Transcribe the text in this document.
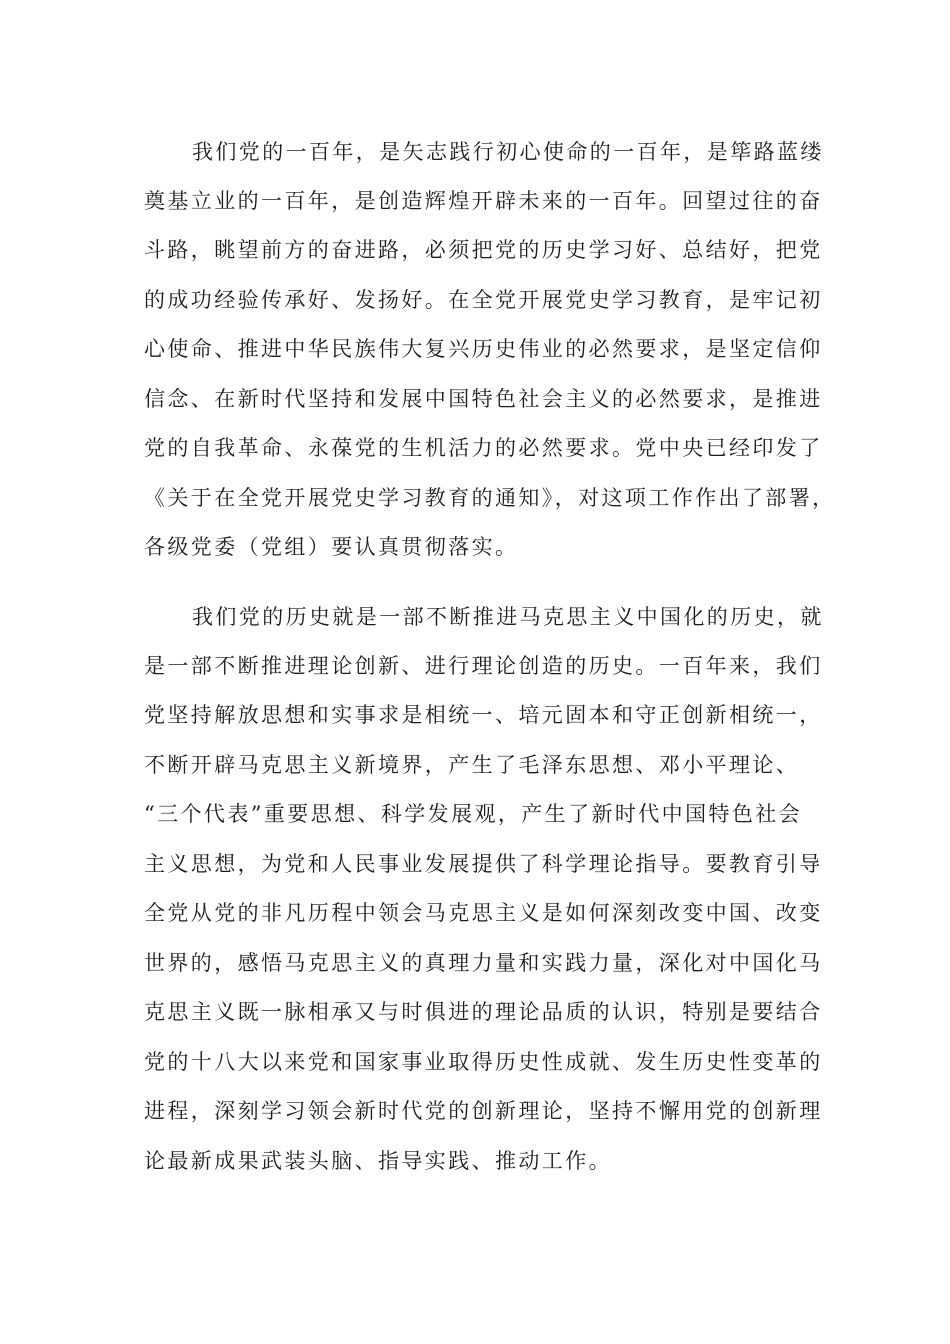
我们党的一百年，是矢志践行初心使命的一百年，是筚路蓝缕
奠基立业的一百年，是创造辉煌开辟未来的一百年。回望过往的奋
斗路，眺望前方的奋进路，必须把党的历史学习好、总结好，把党
的成功经验传承好、发扬好。在全党开展党史学习教育，是牢记初
心使命、推进中华民族伟大复兴历史伟业的必然要求，是坚定信仰
信念、在新时代坚持和发展中国特色社会主义的必然要求，是推进
党的自我革命、永葆党的生机活力的必然要求。党中央已经印发了
《关于在全党开展党史学习教育的通知》，对这项工作作出了部署，
各级党委（党组）要认真贯彻落实。
我们党的历史就是一部不断推进马克思主义中国化的历史，就
是一部不断推进理论创新、进行理论创造的历史。一百年来，我们
党坚持解放思想和实事求是相统一、培元固本和守正创新相统一，
不断开辟马克思主义新境界，产生了毛泽东思想、邓小平理论、
“三个代表”重要思想、科学发展观，产生了新时代中国特色社会
主义思想，为党和人民事业发展提供了科学理论指导。要教育引导
全党从党的非凡历程中领会马克思主义是如何深刻改变中国、改变
世界的，感悟马克思主义的真理力量和实践力量，深化对中国化马
克思主义既一脉相承又与时俱进的理论品质的认识，特别是要结合
党的十八大以来党和国家事业取得历史性成就、发生历史性变革的
进程，深刻学习领会新时代党的创新理论，坚持不懈用党的创新理
论最新成果武装头脑、指导实践、推动工作。
